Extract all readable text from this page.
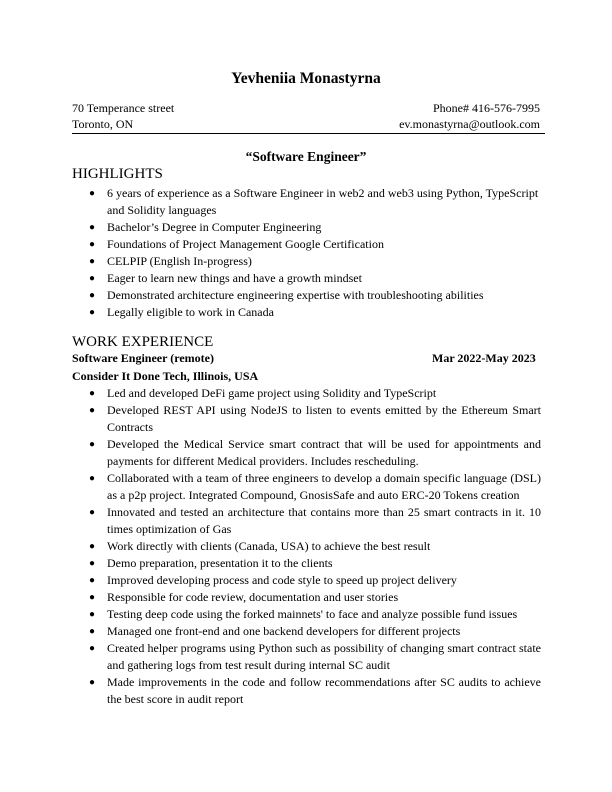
Yevheniia Monastyrna
70 Temperance street	Phone# 416-576-7995
Toronto, ON	ev.monastyrna@outlook.com
“Software Engineer”
HIGHLIGHTS
● 6 years of experience as a Software Engineer in web2 and web3 using Python, TypeScript and Solidity languages
● Bachelor’s Degree in Computer Engineering
● Foundations of Project Management Google Certification
● CELPIP (English In-progress)
● Eager to learn new things and have a growth mindset
● Demonstrated architecture engineering expertise with troubleshooting abilities
● Legally eligible to work in Canada
WORK EXPERIENCE
Software Engineer (remote)	Mar 2022-May 2023
Consider It Done Tech, Illinois, USA
● Led and developed DeFi game project using Solidity and TypeScript
● Developed REST API using NodeJS to listen to events emitted by the Ethereum Smart Contracts
● Developed the Medical Service smart contract that will be used for appointments and payments for different Medical providers. Includes rescheduling.
● Collaborated with a team of three engineers to develop a domain specific language (DSL) as a p2p project. Integrated Compound, GnosisSafe and auto ERC-20 Tokens creation
● Innovated and tested an architecture that contains more than 25 smart contracts in it. 10 times optimization of Gas
● Work directly with clients (Canada, USA) to achieve the best result
● Demo preparation, presentation it to the clients
● Improved developing process and code style to speed up project delivery
● Responsible for code review, documentation and user stories
● Testing deep code using the forked mainnets' to face and analyze possible fund issues
● Managed one front-end and one backend developers for different projects
● Created helper programs using Python such as possibility of changing smart contract state and gathering logs from test result during internal SC audit
● Made improvements in the code and follow recommendations after SC audits to achieve the best score in audit report
